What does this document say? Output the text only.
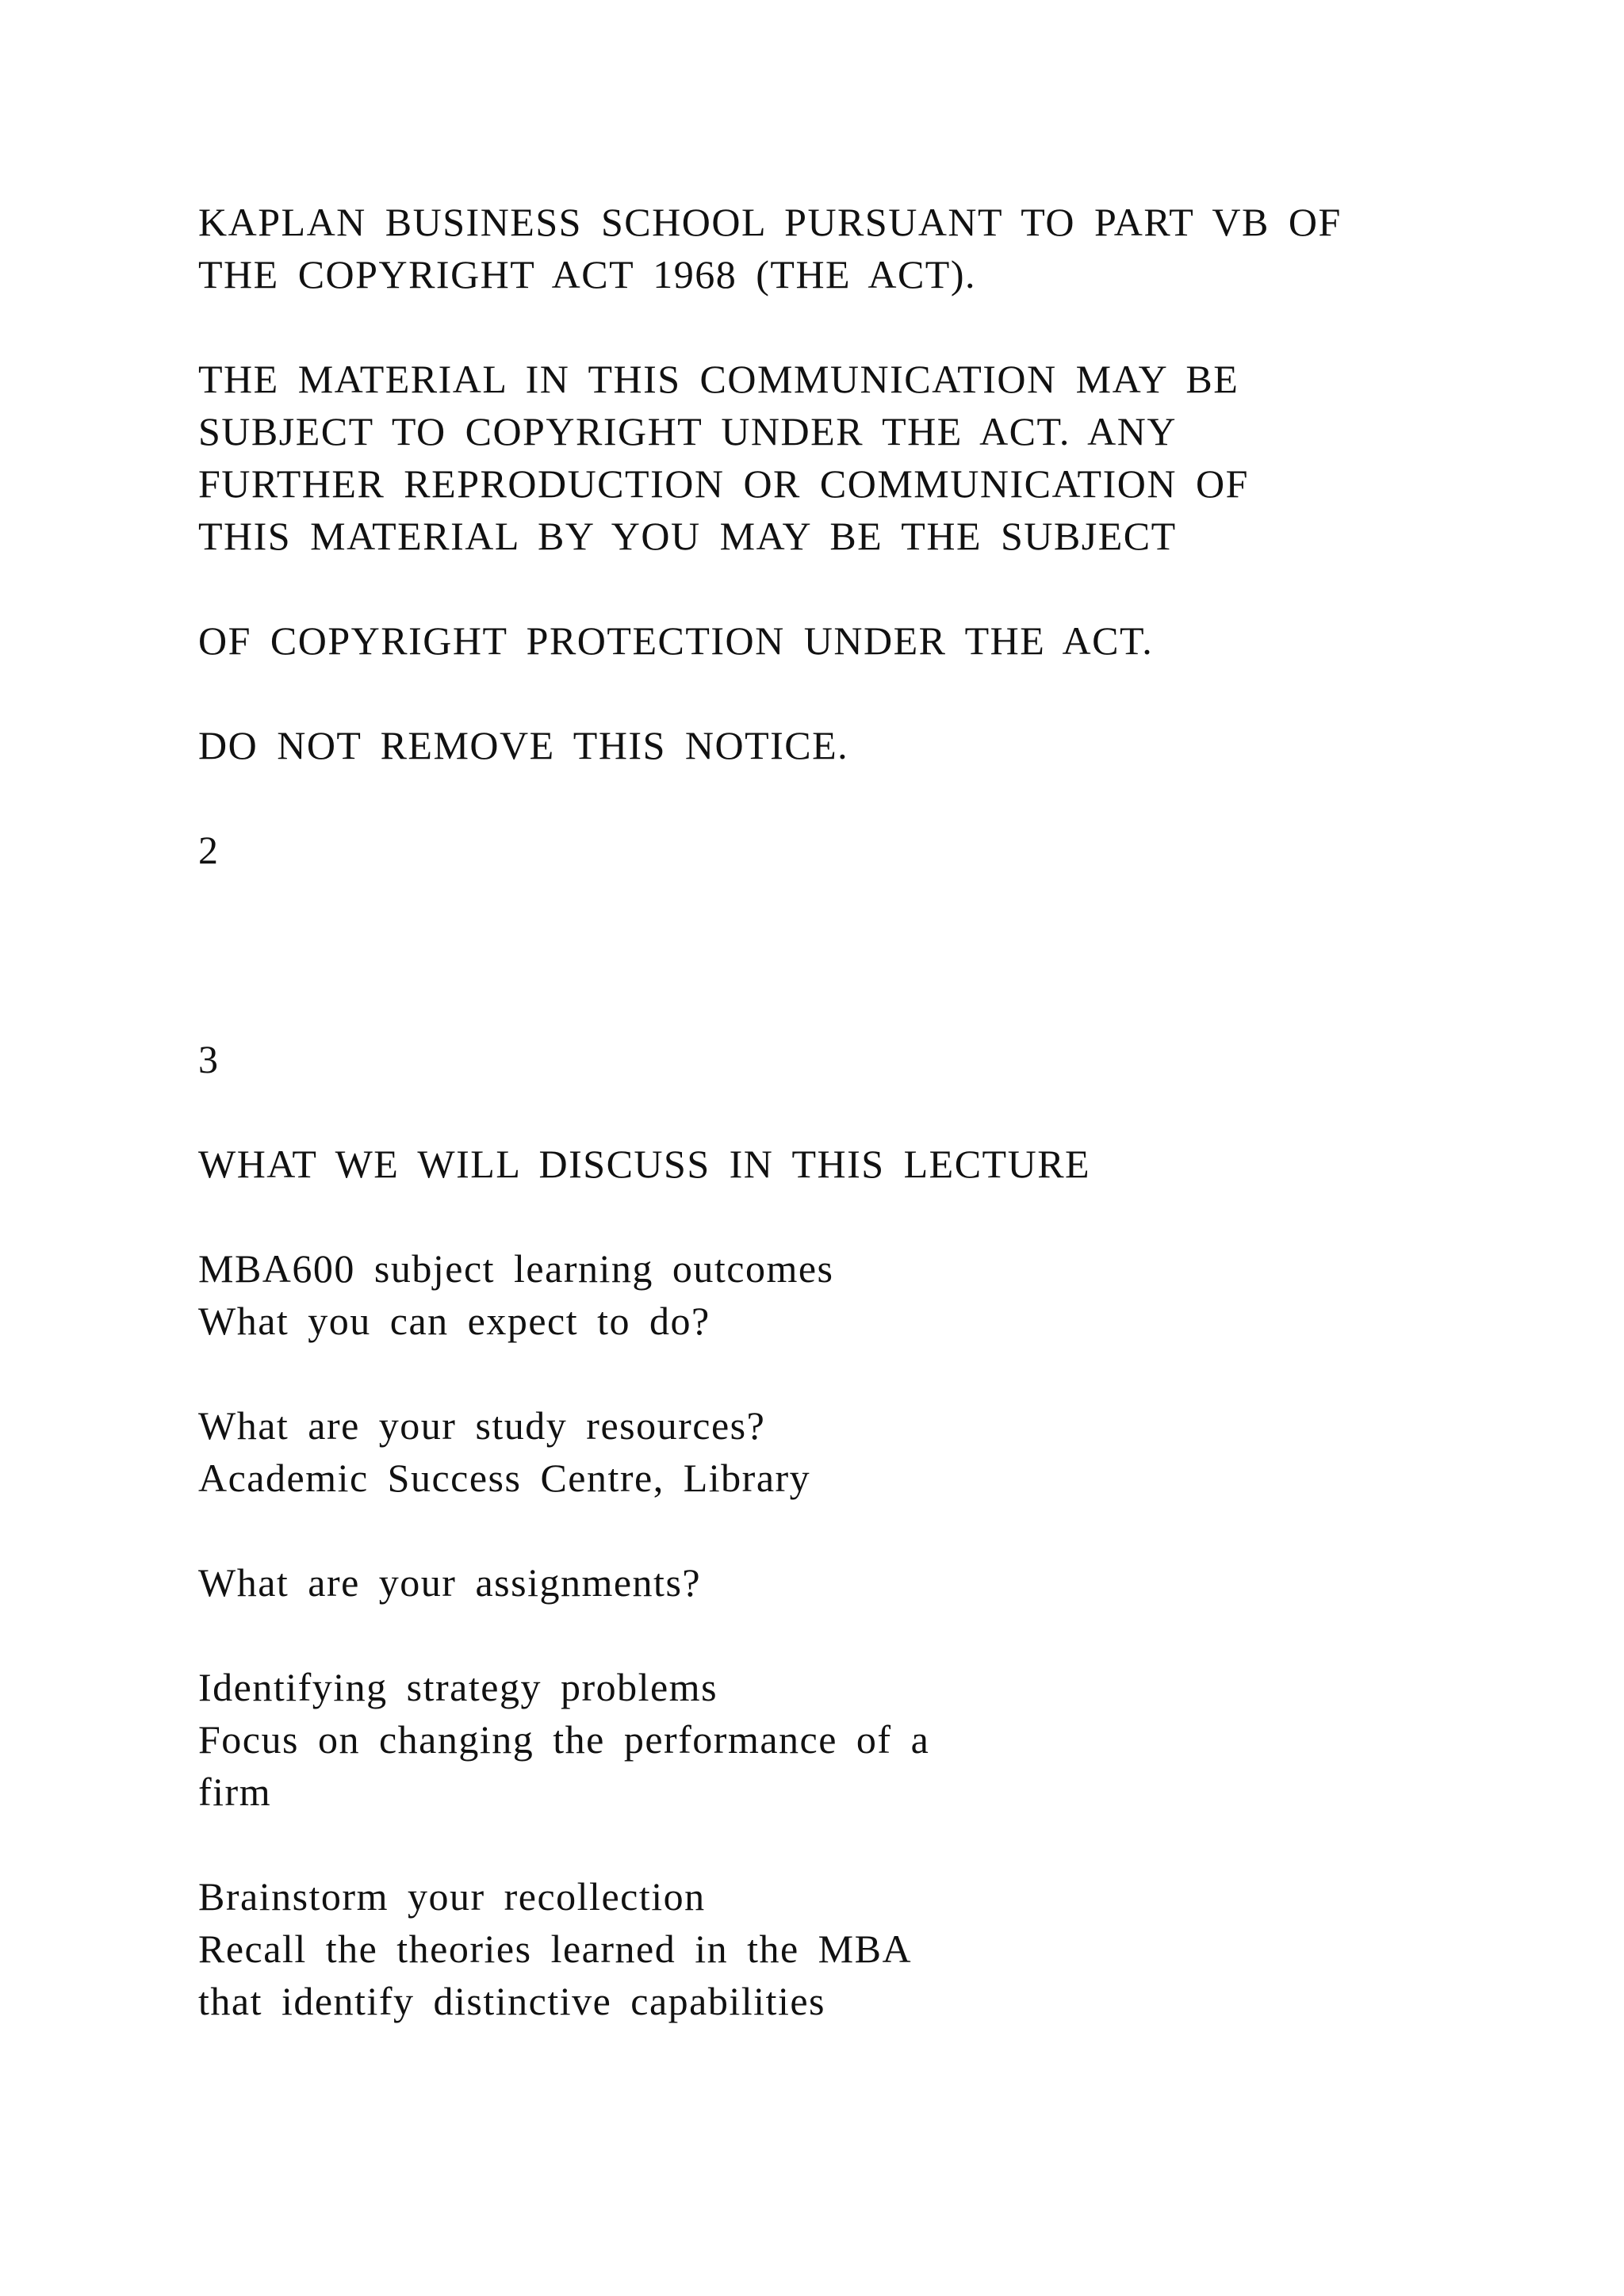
KAPLAN BUSINESS SCHOOL PURSUANT TO PART VB OF
THE COPYRIGHT ACT 1968 (THE ACT).
THE MATERIAL IN THIS COMMUNICATION MAY BE
SUBJECT TO COPYRIGHT UNDER THE ACT. ANY
FURTHER REPRODUCTION OR COMMUNICATION OF
THIS MATERIAL BY YOU MAY BE THE SUBJECT
OF COPYRIGHT PROTECTION UNDER THE ACT.
DO NOT REMOVE THIS NOTICE.
2
3
WHAT WE WILL DISCUSS IN THIS LECTURE
MBA600 subject learning outcomes
What you can expect to do?
What are your study resources?
Academic Success Centre, Library
What are your assignments?
Identifying strategy problems
Focus on changing the performance of a
firm
Brainstorm your recollection
Recall the theories learned in the MBA
that identify distinctive capabilities
